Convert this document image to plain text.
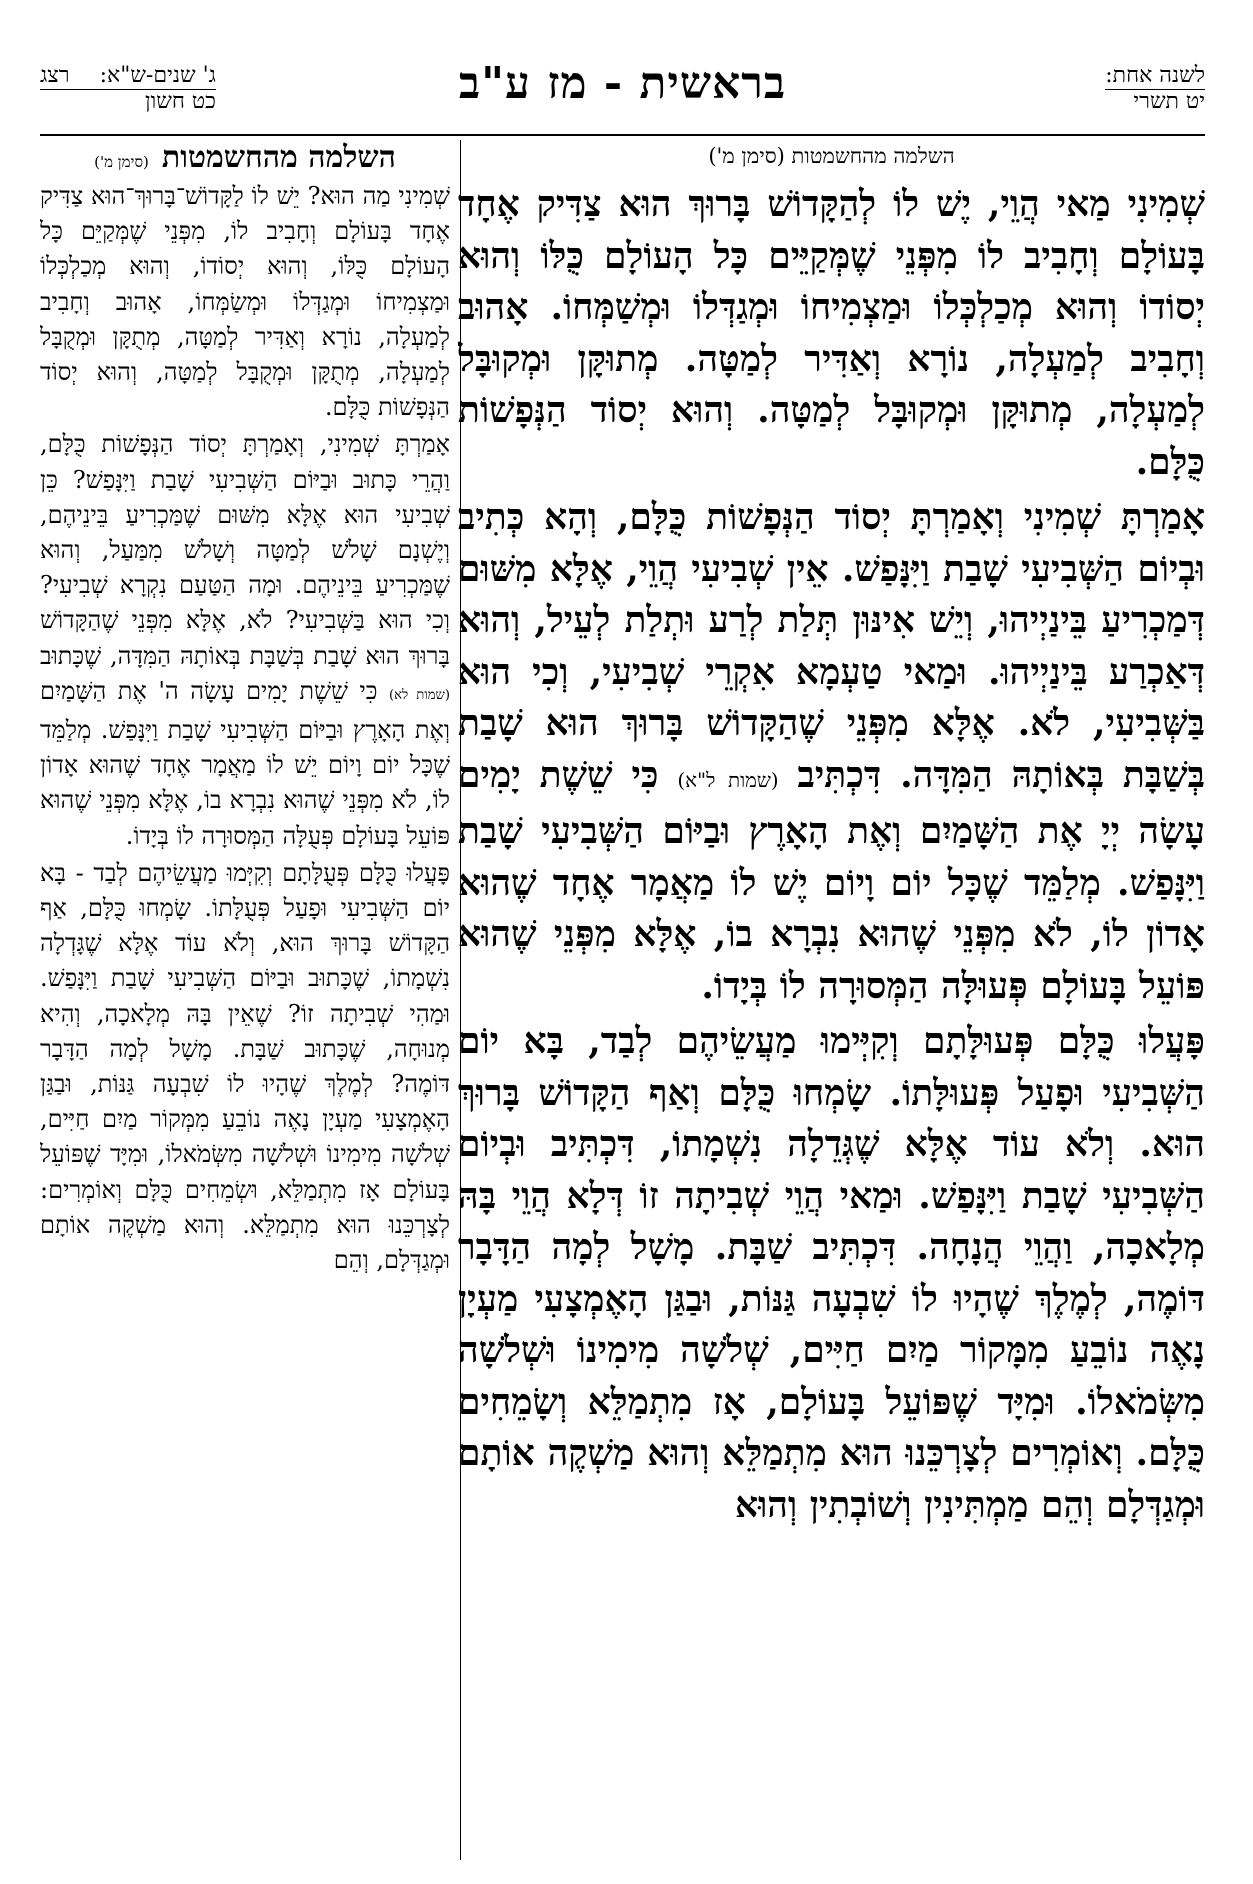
לשנה אחת:
יט תשרי
בראשית - מז ע"ב
ג' שנים-ש"א:
רצג
כט חשון
השלמה מהחשמטות (סימן מ')

שְׁמִינִי מַאי הֲוֵי, יֶשׁ לוֹ לְהַקָּדוֹשׁ בָּרוּךְ הוּא צַדִּיק אֶחָד בָּעוֹלָם וְחָבִיב לוֹ מִפְּנֵי שֶׁמְּקַיֵּים כָּל הָעוֹלָם כֻּלּוֹ וְהוּא יְסוֹדוֹ וְהוּא מְכַלְכְּלוֹ וּמַצְמִיחוֹ וּמְגַדְּלוֹ וּמְשַׁמְּחוֹ. אָהוּב וְחָבִיב לְמַעְלָה, נוֹרָא וְאַדִּיר לְמַטָּה. מְתוּקָּן וּמְקוּבָּל לְמַעְלָה, מְתוּקָּן וּמְקוּבָּל לְמַטָּה. וְהוּא יְסוֹד הַנְּפָשׁוֹת כֻּלָּם.

אָמַרְתָּ שְׁמִינִי וְאָמַרְתָּ יְסוֹד הַנְּפָשׁוֹת כֻּלָּם, וְהָא כְּתִיב וּבְיוֹם הַשְּׁבִיעִי שָׁבַת וַיִּנָּפַשׁ. אֵין שְׁבִיעִי הֲוֵי, אֶלָּא מִשּׁוּם דְּמַכְרִיעַ בֵּינַיְיהוּ, וְיֵשׁ אִינּוּן תְּלַת לְרַע וּתְלַת לְעֵיל, וְהוּא דְּאַכְרַע בֵּינַיְיהוּ. וּמַאי טַעְמָא אִקְרֵי שְׁבִיעִי, וְכִי הוּא בַּשְּׁבִיעִי, לֹא. אֶלָּא מִפְּנֵי שֶׁהַקָּדוֹשׁ בָּרוּךְ הוּא שָׁבַת בְּשַׁבָּת בְּאוֹתָהּ הַמִּדָּה. דִּכְתִּיב (שמות ל"א) כִּי שֵׁשֶׁת יָמִים עָשָׂה יְיָ אֶת הַשָּׁמַיִם וְאֶת הָאָרֶץ וּבַיּוֹם הַשְּׁבִיעִי שָׁבַת וַיִּנָּפַשׁ. מְלַמֵּד שֶׁכָּל יוֹם וָיוֹם יֶשׁ לוֹ מַאֲמָר אֶחָד שֶׁהוּא אָדוֹן לוֹ, לֹא מִפְּנֵי שֶׁהוּא נִבְרָא בוֹ, אֶלָּא מִפְּנֵי שֶׁהוּא פּוֹעֵל בָּעוֹלָם פְּעוּלָּה הַמְּסוּרָה לוֹ בְּיָדוֹ.

פָּעֲלוּ כֻּלָּם פְּעוּלָּתָם וְקִיְּימוּ מַעֲשֵׂיהֶם לְבַד, בָּא יוֹם הַשְּׁבִיעִי וּפָעַל פְּעוּלָּתוֹ. שָׂמְחוּ כֻּלָּם וְאַף הַקָּדוֹשׁ בָּרוּךְ הוּא. וְלֹא עוֹד אֶלָּא שֶׁגְּדֵלָה נִשְׁמָתוֹ, דִּכְתִּיב וּבְיוֹם הַשְּׁבִיעִי שָׁבַת וַיִּנָּפַשׁ. וּמַאי הֲוֵי שְׁבִיתָה זוֹ דְּלָא הֲוֵי בָּהּ מְלָאכָה, וַהֲוֵי הֲנָחָה. דִּכְתִּיב שַׁבָּת. מָשָׁל לְמָה הַדָּבָר דּוֹמֶה, לְמֶלֶךְ שֶׁהָיוּ לוֹ שִׁבְעָה גַּנּוֹת, וּבַגַּן הָאֶמְצָעִי מַעְיָן נָאֶה נוֹבֵעַ מִמָּקוֹר מַיִם חַיִּים, שְׁלֹשָׁה מִימִינוֹ וּשְׁלֹשָׁה מִשְּׂמֹאלוֹ. וּמִיָּד שֶׁפּוֹעֵל בָּעוֹלָם, אָז מִתְמַלֵּא וְשָׂמֵחִים כֻּלָּם. וְאוֹמְרִים לְצָרְכֵּנוּ הוּא מִתְמַלֵּא וְהוּא מַשְׁקֶה אוֹתָם וּמְגַדְּלָם וְהֵם מַמְתִּינִין וְשׁוֹבְתִין וְהוּא

השלמה מהחשמטות (סימן מ')

שְׁמִינִי מַה הוּא? יֵשׁ לוֹ לַקָּדוֹשׁ־בָּרוּךְ־הוּא צַדִּיק אֶחָד בָּעוֹלָם וְחָבִיב לוֹ, מִפְּנֵי שֶׁמְּקַיֵּם כָּל הָעוֹלָם כֻּלּוֹ, וְהוּא יְסוֹדוֹ, וְהוּא מְכַלְכְּלוֹ וּמַצְמִיחוֹ וּמְגַדְּלוֹ וּמְשַׂמְּחוֹ, אָהוּב וְחָבִיב לְמַעְלָה, נוֹרָא וְאַדִּיר לְמַטָּה, מְתֻקָּן וּמְקֻבָּל לְמַעְלָה, מְתֻקָּן וּמְקֻבָּל לְמַטָּה, וְהוּא יְסוֹד הַנְּפָשׁוֹת כֻּלָּם.

אָמַרְתָּ שְׁמִינִי, וְאָמַרְתָּ יְסוֹד הַנְּפָשׁוֹת כֻּלָּם, וַהֲרֵי כָּתוּב וּבַיּוֹם הַשְּׁבִיעִי שָׁבַת וַיִּנָּפַשׁ? כֵּן שְׁבִיעִי הוּא אֶלָּא מִשּׁוּם שֶׁמַּכְרִיעַ בֵּינֵיהֶם, וְיֶשְׁנָם שָׁלֹשׁ לְמַטָּה וְשָׁלֹשׁ מִמַּעַל, וְהוּא שֶׁמַּכְרִיעַ בֵּינֵיהֶם. וּמָה הַטַּעַם נִקְרָא שְׁבִיעִי? וְכִי הוּא בַּשְּׁבִיעִי? לֹא, אֶלָּא מִפְּנֵי שֶׁהַקָּדוֹשׁ בָּרוּךְ הוּא שָׁבַת בְּשַׁבָּת בְּאוֹתָהּ הַמִּדָּה, שֶׁכָּתוּב (שמות לא) כִּי שֵׁשֶׁת יָמִים עָשָׂה ה' אֶת הַשָּׁמַיִם וְאֶת הָאָרֶץ וּבַיּוֹם הַשְּׁבִיעִי שָׁבַת וַיִּנָּפַשׁ. מְלַמֵּד שֶׁכָּל יוֹם וָיוֹם יֵשׁ לוֹ מַאֲמָר אֶחָד שֶׁהוּא אָדוֹן לוֹ, לֹא מִפְּנֵי שֶׁהוּא נִבְרָא בוֹ, אֶלָּא מִפְּנֵי שֶׁהוּא פּוֹעֵל בָּעוֹלָם פְּעֻלָּה הַמְּסוּרָה לוֹ בְּיָדוֹ.

פָּעֲלוּ כֻּלָּם פְּעֻלָּתָם וְקִיְּמוּ מַעֲשֵׂיהֶם לְבַד - בָּא יוֹם הַשְּׁבִיעִי וּפָעַל פְּעֻלָּתוֹ. שָׂמְחוּ כֻּלָּם, אַף הַקָּדוֹשׁ בָּרוּךְ הוּא, וְלֹא עוֹד אֶלָּא שֶׁגָּדְלָה נִשְׁמָתוֹ, שֶׁכָּתוּב וּבַיּוֹם הַשְּׁבִיעִי שָׁבַת וַיִּנָּפַשׁ. וּמַהִי שְׁבִיתָה זוֹ? שֶׁאֵין בָּהּ מְלָאכָה, וְהִיא מְנוּחָה, שֶׁכָּתוּב שַׁבָּת. מָשָׁל לְמָה הַדָּבָר דּוֹמֶה? לְמֶלֶךְ שֶׁהָיוּ לוֹ שִׁבְעָה גַּנּוֹת, וּבַגַּן הָאֶמְצָעִי מַעְיָן נָאֶה נוֹבֵעַ מִמְּקוֹר מַיִם חַיִּים, שְׁלֹשָׁה מִימִינוֹ וּשְׁלֹשָׁה מִשְּׂמֹאלוֹ, וּמִיָּד שֶׁפּוֹעֵל בָּעוֹלָם אָז מִתְמַלֵּא, וּשְׂמֵחִים כֻּלָּם וְאוֹמְרִים: לְצָרְכֵּנוּ הוּא מִתְמַלֵּא. וְהוּא מַשְׁקֶה אוֹתָם וּמְגַדְּלָם, וְהֵם
